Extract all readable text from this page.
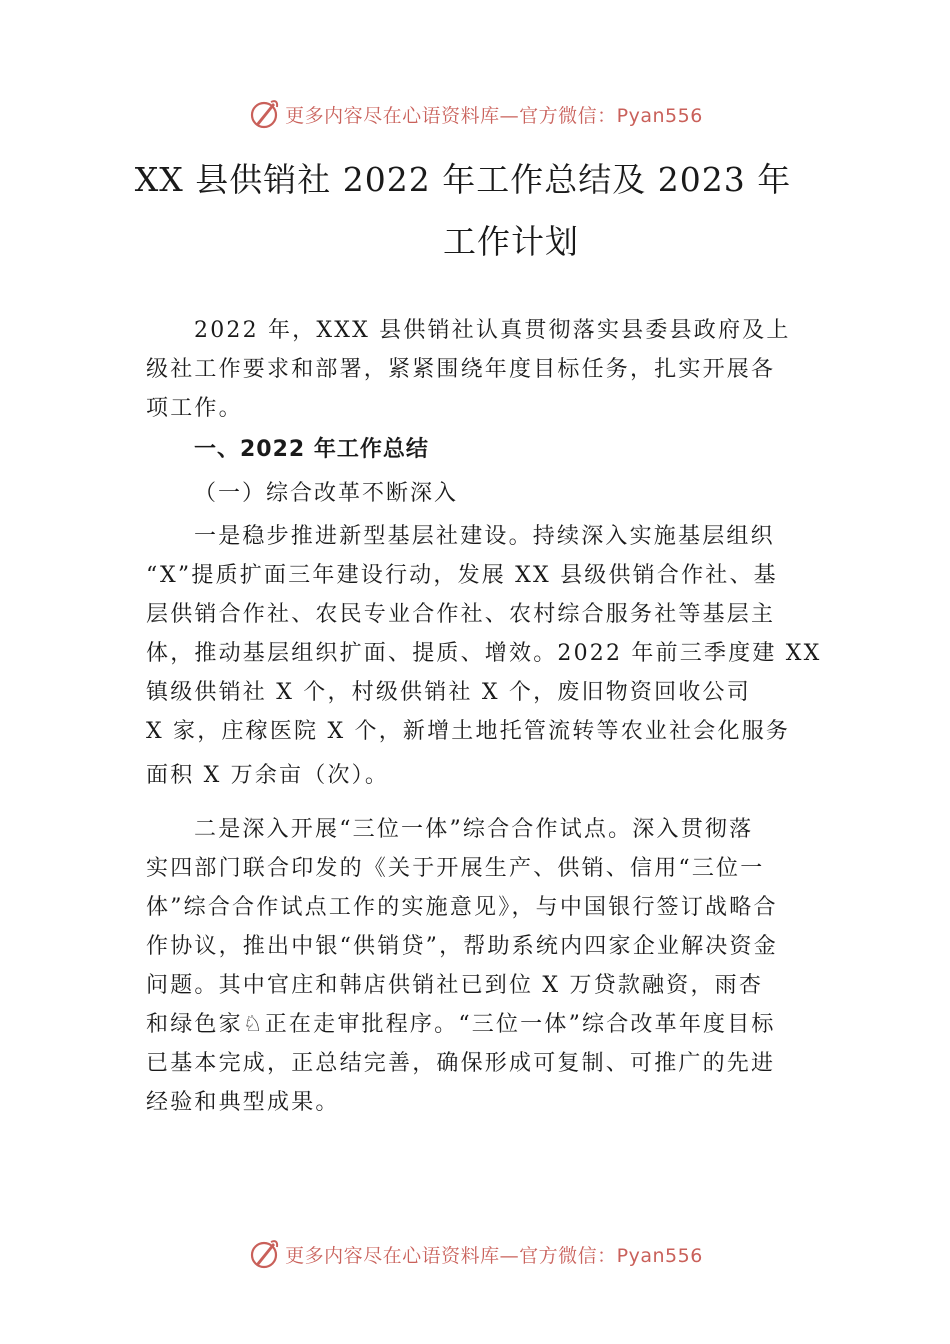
更多内容尽在心语资料库—官方微信：Pyan556
XX 县供销社 2022 年工作总结及 2023 年
工作计划
2022 年，XXX 县供销社认真贯彻落实县委县政府及上
级社工作要求和部署，紧紧围绕年度目标任务，扎实开展各
项工作。
一、2022 年工作总结
（一）综合改革不断深入
一是稳步推进新型基层社建设。持续深入实施基层组织
“X”提质扩面三年建设行动，发展 XX 县级供销合作社、基
层供销合作社、农民专业合作社、农村综合服务社等基层主
体，推动基层组织扩面、提质、增效。2022 年前三季度建 XX
镇级供销社 X 个，村级供销社 X 个，废旧物资回收公司
X 家，庄稼医院 X 个，新增土地托管流转等农业社会化服务
面积 X 万余亩（次）。
二是深入开展“三位一体”综合合作试点。深入贯彻落
实四部门联合印发的《关于开展生产、供销、信用“三位一
体”综合合作试点工作的实施意见》，与中国银行签订战略合
作协议，推出中银“供销贷”，帮助系统内四家企业解决资金
问题。其中官庄和韩店供销社已到位 X 万贷款融资，雨杏
和绿色家♘正在走审批程序。“三位一体”综合改革年度目标
已基本完成，正总结完善，确保形成可复制、可推广的先进
经验和典型成果。
更多内容尽在心语资料库—官方微信：Pyan556
